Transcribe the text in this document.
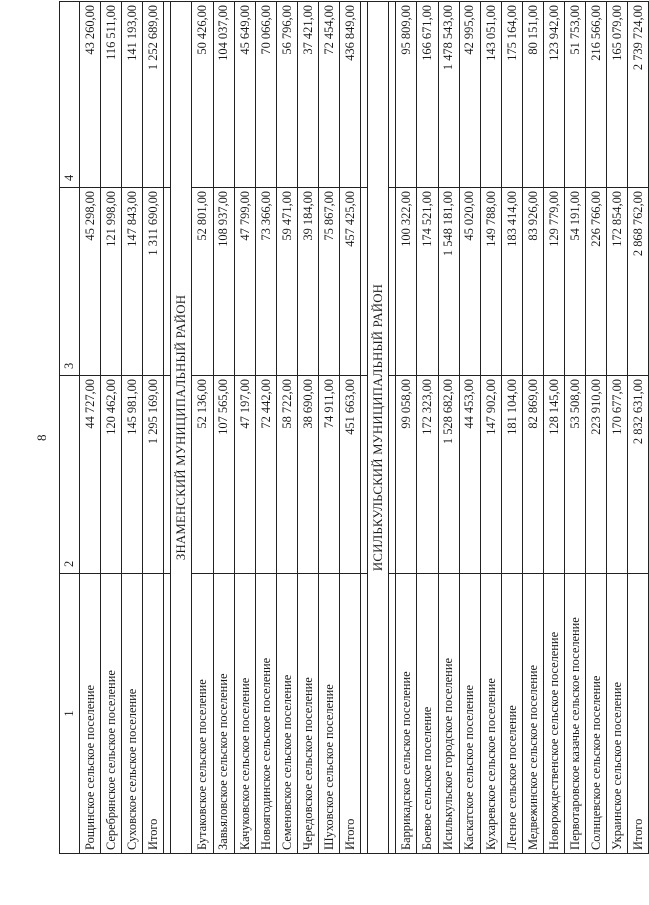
8
1	2	3	4
Рощинское сельское поселение	44 727,00	45 298,00	43 260,00
Серебрянское сельское поселение	120 462,00	121 998,00	116 511,00
Суховское сельское поселение	145 981,00	147 843,00	141 193,00
Итого	1 295 169,00	1 311 690,00	1 252 689,00

ЗНАМЕНСКИЙ МУНИЦИПАЛЬНЫЙ РАЙОН			
Бутаковское сельское поселение	52 136,00	52 801,00	50 426,00
Завьяловское сельское поселение	107 565,00	108 937,00	104 037,00
Качуковское сельское поселение	47 197,00	47 799,00	45 649,00
Новоягодинское сельское поселение	72 442,00	73 366,00	70 066,00
Семеновское сельское поселение	58 722,00	59 471,00	56 796,00
Чередовское сельское поселение	38 690,00	39 184,00	37 421,00
Шуховское сельское поселение	74 911,00	75 867,00	72 454,00
Итого	451 663,00	457 425,00	436 849,00

ИСИЛЬКУЛЬСКИЙ МУНИЦИПАЛЬНЫЙ РАЙОН			

Баррикадское сельское поселение	99 058,00	100 322,00	95 809,00
Боевое сельское поселение	172 323,00	174 521,00	166 671,00
Исилькульское городское поселение	1 528 682,00	1 548 181,00	1 478 543,00
Каскатское сельское поселение	44 453,00	45 020,00	42 995,00
Кухаревское сельское поселение	147 902,00	149 788,00	143 051,00
Лесное сельское поселение	181 104,00	183 414,00	175 164,00
Медвежинское сельское поселение	82 869,00	83 926,00	80 151,00
Новорождественское сельское поселение	128 145,00	129 779,00	123 942,00
Первотаровское казачье сельское поселение	53 508,00	54 191,00	51 753,00
Солнцевское сельское поселение	223 910,00	226 766,00	216 566,00
Украинское сельское поселение	170 677,00	172 854,00	165 079,00
Итого	2 832 631,00	2 868 762,00	2 739 724,00
